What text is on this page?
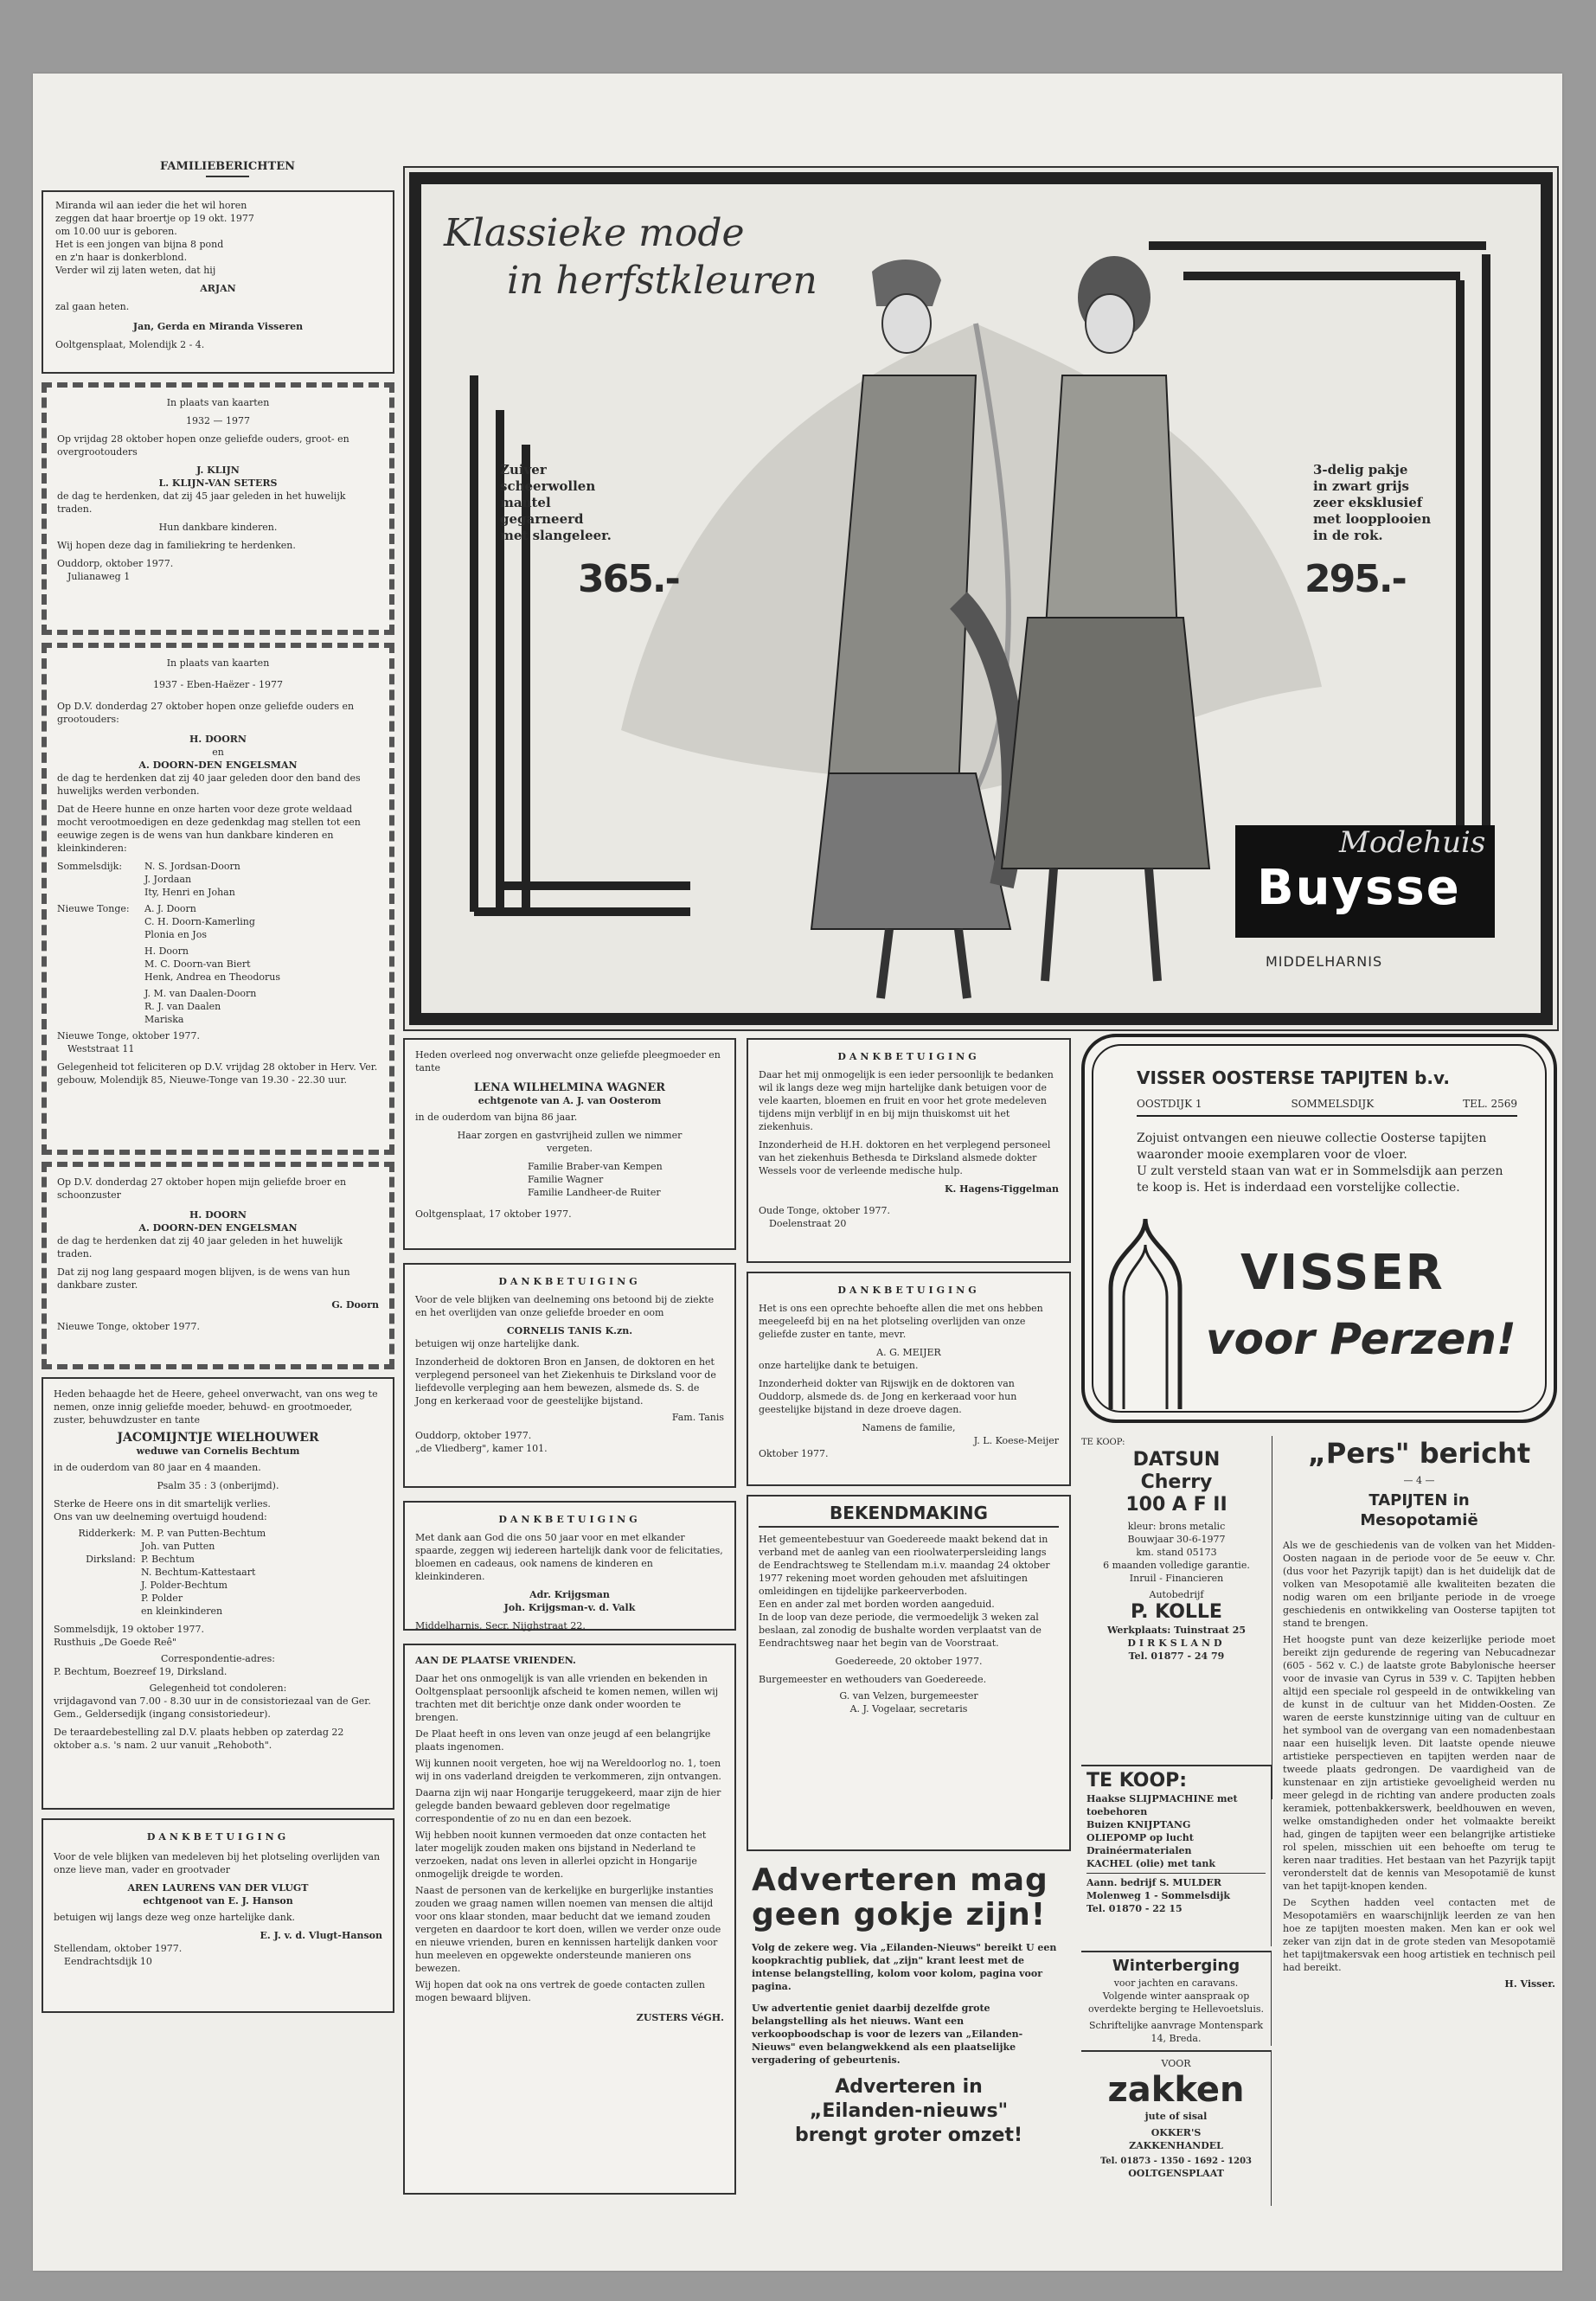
FAMILIEBERICHTEN
Miranda wil aan ieder die het wil horen
zeggen dat haar broertje op 19 okt. 1977
om 10.00 uur is geboren.
Het is een jongen van bijna 8 pond
en z'n haar is donkerblond.
Verder wil zij laten weten, dat hij
ARJAN
zal gaan heten.
Jan, Gerda en Miranda Visseren
Ooltgensplaat, Molendijk 2 - 4.
In plaats van kaarten
1932 — 1977
Op vrijdag 28 oktober hopen onze geliefde ouders, groot- en overgrootouders
J. KLIJN
L. KLIJN-VAN SETERS
de dag te herdenken, dat zij 45 jaar geleden in het huwelijk traden.
Hun dankbare kinderen.
Wij hopen deze dag in familiekring te herdenken.
Ouddorp, oktober 1977.
Julianaweg 1
In plaats van kaarten
1937 - Eben-Haëzer - 1977
Op D.V. donderdag 27 oktober hopen onze geliefde ouders en grootouders:
H. DOORN
en
A. DOORN-DEN ENGELSMAN
de dag te herdenken dat zij 40 jaar geleden door den band des huwelijks werden verbonden.
Dat de Heere hunne en onze harten voor deze grote weldaad mocht verootmoedigen en deze gedenkdag mag stellen tot een eeuwige zegen is de wens van hun dankbare kinderen en kleinkinderen:
Sommelsdijk:	N. S. Jordsan-Doorn
J. Jordaan
Ity, Henri en Johan
Nieuwe Tonge:	A. J. Doorn
C. H. Doorn-Kamerling
Plonia en Jos
H. Doorn
M. C. Doorn-van Biert
Henk, Andrea en Theodorus
J. M. van Daalen-Doorn
R. J. van Daalen
Mariska
Nieuwe Tonge, oktober 1977.
Weststraat 11
Gelegenheid tot feliciteren op D.V. vrijdag 28 oktober in Herv. Ver. gebouw, Molendijk 85, Nieuwe-Tonge van 19.30 - 22.30 uur.
Op D.V. donderdag 27 oktober hopen mijn geliefde broer en schoonzuster
H. DOORN
A. DOORN-DEN ENGELSMAN
de dag te herdenken dat zij 40 jaar geleden in het huwelijk traden.
Dat zij nog lang gespaard mogen blijven, is de wens van hun dankbare zuster.
G. Doorn
Nieuwe Tonge, oktober 1977.
Heden behaagde het de Heere, geheel onverwacht, van ons weg te nemen, onze innig geliefde moeder, behuwd- en grootmoeder, zuster, behuwdzuster en tante
JACOMIJNTJE WIELHOUWER
weduwe van Cornelis Bechtum
in de ouderdom van 80 jaar en 4 maanden.
Psalm 35 : 3 (onberijmd).
Sterke de Heere ons in dit smartelijk verlies.
Ons van uw deelneming overtuigd houdend:
Ridderkerk: M. P. van Putten-Bechtum
Joh. van Putten
Dirksland: P. Bechtum
N. Bechtum-Kattestaart
J. Polder-Bechtum
P. Polder
en kleinkinderen
Sommelsdijk, 19 oktober 1977.
Rusthuis „De Goede Reê"
Correspondentie-adres:
P. Bechtum, Boezreef 19, Dirksland.
Gelegenheid tot condoleren:
vrijdagavond van 7.00 - 8.30 uur in de consistoriezaal van de Ger. Gem., Geldersedijk (ingang consistoriedeur).
De teraardebestelling zal D.V. plaats hebben op zaterdag 22 oktober a.s. 's nam. 2 uur vanuit „Rehoboth".
DANKBETUIGING
Voor de vele blijken van medeleven bij het plotseling overlijden van onze lieve man, vader en grootvader
AREN LAURENS VAN DER VLUGT
echtgenoot van E. J. Hanson
betuigen wij langs deze weg onze hartelijke dank.
E. J. v. d. Vlugt-Hanson
Stellendam, oktober 1977.
Eendrachtsdijk 10
Klassieke mode
in herfstkleuren
Zuiver
scheerwollen
mantel
gegarneerd
met slangeleer.
365.-
3-delig pakje
in zwart grijs
zeer eksklusief
met loopplooien
in de rok.
295.-
Modehuis
Buysse
MIDDELHARNIS
Heden overleed nog onverwacht onze geliefde pleegmoeder en tante
LENA WILHELMINA WAGNER
echtgenote van A. J. van Oosterom
in de ouderdom van bijna 86 jaar.
Haar zorgen en gastvrijheid zullen we nimmer vergeten.
Familie Braber-van Kempen
Familie Wagner
Familie Landheer-de Ruiter
Ooltgensplaat, 17 oktober 1977.
DANKBETUIGING
Voor de vele blijken van deelneming ons betoond bij de ziekte en het overlijden van onze geliefde broeder en oom
CORNELIS TANIS K.zn.
betuigen wij onze hartelijke dank.
Inzonderheid de doktoren Bron en Jansen, de doktoren en het verplegend personeel van het Ziekenhuis te Dirksland voor de liefdevolle verpleging aan hem bewezen, alsmede ds. S. de Jong en kerkeraad voor de geestelijke bijstand.
Fam. Tanis
Ouddorp, oktober 1977.
„de Vliedberg", kamer 101.
DANKBETUIGING
Met dank aan God die ons 50 jaar voor en met elkander spaarde, zeggen wij iedereen hartelijk dank voor de felicitaties, bloemen en cadeaus, ook namens de kinderen en kleinkinderen.
Adr. Krijgsman
Joh. Krijgsman-v. d. Valk
Middelharnis, Secr. Nijghstraat 22.
AAN DE PLAATSE VRIENDEN.
Daar het ons onmogelijk is van alle vrienden en bekenden in Ooltgensplaat persoonlijk afscheid te komen nemen, willen wij trachten met dit berichtje onze dank onder woorden te brengen.
De Plaat heeft in ons leven van onze jeugd af een belangrijke plaats ingenomen.
Wij kunnen nooit vergeten, hoe wij na Wereldoorlog no. 1, toen wij in ons vaderland dreigden te verkommeren, zijn ontvangen.
Daarna zijn wij naar Hongarije teruggekeerd, maar zijn de hier gelegde banden bewaard gebleven door regelmatige correspondentie of zo nu en dan een bezoek.
Wij hebben nooit kunnen vermoeden dat onze contacten het later mogelijk zouden maken ons bijstand in Nederland te verzoeken, nadat ons leven in allerlei opzicht in Hongarije onmogelijk dreigde te worden.
Naast de personen van de kerkelijke en burgerlijke instanties zouden we graag namen willen noemen van mensen die altijd voor ons klaar stonden, maar beducht dat we iemand zouden vergeten en daardoor te kort doen, willen we verder onze oude en nieuwe vrienden, buren en kennissen hartelijk danken voor hun meeleven en opgewekte ondersteunde manieren ons bewezen.
Wij hopen dat ook na ons vertrek de goede contacten zullen mogen bewaard blijven.
ZUSTERS VéGH.
DANKBETUIGING
Daar het mij onmogelijk is een ieder persoonlijk te bedanken wil ik langs deze weg mijn hartelijke dank betuigen voor de vele kaarten, bloemen en fruit en voor het grote medeleven tijdens mijn verblijf in en bij mijn thuiskomst uit het ziekenhuis.
Inzonderheid de H.H. doktoren en het verplegend personeel van het ziekenhuis Bethesda te Dirksland alsmede dokter Wessels voor de verleende medische hulp.
K. Hagens-Tiggelman
Oude Tonge, oktober 1977.
Doelenstraat 20
DANKBETUIGING
Het is ons een oprechte behoefte allen die met ons hebben meegeleefd bij en na het plotseling overlijden van onze geliefde zuster en tante, mevr.
A. G. MEIJER
onze hartelijke dank te betuigen.
Inzonderheid dokter van Rijswijk en de doktoren van Ouddorp, alsmede ds. de Jong en kerkeraad voor hun geestelijke bijstand in deze droeve dagen.
Namens de familie,
J. L. Koese-Meijer
Oktober 1977.
BEKENDMAKING
Het gemeentebestuur van Goedereede maakt bekend dat in verband met de aanleg van een rioolwaterpersleiding langs de Eendrachtsweg te Stellendam m.i.v. maandag 24 oktober 1977 rekening moet worden gehouden met afsluitingen omleidingen en tijdelijke parkeerverboden.
Een en ander zal met borden worden aangeduid.
In de loop van deze periode, die vermoedelijk 3 weken zal beslaan, zal zonodig de bushalte worden verplaatst van de Eendrachtsweg naar het begin van de Voorstraat.
Goedereede, 20 oktober 1977.
Burgemeester en wethouders van Goedereede.
G. van Velzen, burgemeester
A. J. Vogelaar, secretaris
Adverteren mag
geen gokje zijn!
Volg de zekere weg. Via „Eilanden-Nieuws" bereikt U een koopkrachtig publiek, dat „zijn" krant leest met de intense belangstelling, kolom voor kolom, pagina voor pagina.
Uw advertentie geniet daarbij dezelfde grote belangstelling als het nieuws. Want een verkoopboodschap is voor de lezers van „Eilanden-Nieuws" even belangwekkend als een plaatselijke vergadering of gebeurtenis.
Adverteren in
„Eilanden-nieuws"
brengt groter omzet!
VISSER OOSTERSE TAPIJTEN b.v.
OOSTDIJK 1	SOMMELSDIJK	TEL. 2569
Zojuist ontvangen een nieuwe collectie Oosterse tapijten waaronder mooie exemplaren voor de vloer.
U zult versteld staan van wat er in Sommelsdijk aan perzen te koop is. Het is inderdaad een vorstelijke collectie.
VISSER
voor Perzen!
TE KOOP:
DATSUN
Cherry
100 A F II
kleur: brons metalic
Bouwjaar 30-6-1977
km. stand 05173
6 maanden volledige garantie.
Inruil - Financieren
Autobedrijf
P. KOLLE
Werkplaats: Tuinstraat 25
DIRKSLAND
Tel. 01877 - 24 79
TE KOOP:
Haakse SLIJPMACHINE met toebehoren
Buizen KNIJPTANG
OLIEPOMP op lucht
Drainéermaterialen
KACHEL (olie) met tank
Aann. bedrijf S. MULDER
Molenweg 1 - Sommelsdijk
Tel. 01870 - 22 15
Winterberging
voor jachten en caravans.
Volgende winter aanspraak op overdekte berging te Hellevoetsluis.
Schriftelijke aanvrage Montenspark 14, Breda.
VOOR
zakken
jute of sisal
OKKER'S
ZAKKENHANDEL
Tel. 01873 - 1350 - 1692 - 1203
OOLTGENSPLAAT
„Pers" bericht
— 4 —
TAPIJTEN in
Mesopotamië
Als we de geschiedenis van de volken van het Midden-Oosten nagaan in de periode voor de 5e eeuw v. Chr. (dus voor het Pazyrijk tapijt) dan is het duidelijk dat de volken van Mesopotamië alle kwaliteiten bezaten die nodig waren om een briljante periode in de vroege geschiedenis en ontwikkeling van Oosterse tapijten tot stand te brengen.
Het hoogste punt van deze keizerlijke periode moet bereikt zijn gedurende de regering van Nebucadnezar (605 - 562 v. C.) de laatste grote Babylonische heerser voor de invasie van Cyrus in 539 v. C. Tapijten hebben altijd een speciale rol gespeeld in de ontwikkeling van de kunst in de cultuur van het Midden-Oosten. Ze waren de eerste kunstzinnige uiting van de cultuur en het symbool van de overgang van een nomadenbestaan naar een huiselijk leven. Dit laatste opende nieuwe artistieke perspectieven en tapijten werden naar de tweede plaats gedrongen. De vaardigheid van de kunstenaar en zijn artistieke gevoeligheid werden nu meer gelegd in de richting van andere producten zoals keramiek, pottenbakkerswerk, beeldhouwen en weven, welke omstandigheden onder het volmaakte bereikt had, gingen de tapijten weer een belangrijke artistieke rol spelen, misschien uit een behoefte om terug te keren naar tradities. Het bestaan van het Pazyrijk tapijt veronderstelt dat de kennis van Mesopotamië de kunst van het tapijt-knopen kenden.
De Scythen hadden veel contacten met de Mesopotamiërs en waarschijnlijk leerden ze van hen hoe ze tapijten moesten maken. Men kan er ook wel zeker van zijn dat in de grote steden van Mesopotamië het tapijtmakersvak een hoog artistiek en technisch peil had bereikt.
H. Visser.
